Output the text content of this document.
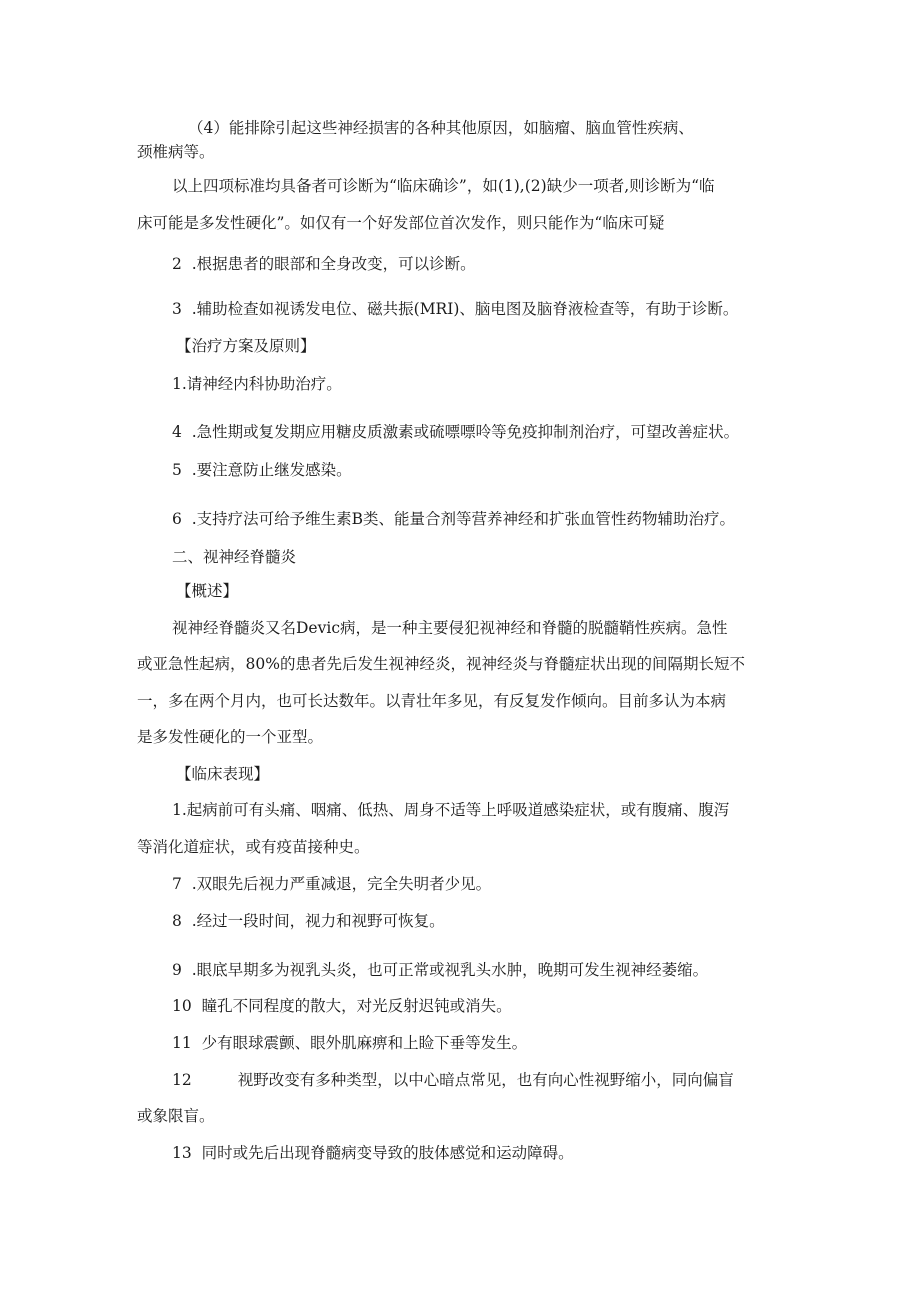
（4）能排除引起这些神经损害的各种其他原因，如脑瘤、脑血管性疾病、
颈椎病等。
以上四项标准均具备者可诊断为“临床确诊”，如(1),(2)缺少一项者,则诊断为“临
床可能是多发性硬化”。如仅有一个好发部位首次发作，则只能作为“临床可疑
2  .根据患者的眼部和全身改变，可以诊断。
3  .辅助检查如视诱发电位、磁共振(MRI)、脑电图及脑脊液检查等，有助于诊断。
【治疗方案及原则】
1.请神经内科协助治疗。
4  .急性期或复发期应用糖皮质激素或硫嘌嘌呤等免疫抑制剂治疗，可望改善症状。
5  .要注意防止继发感染。
6  .支持疗法可给予维生素B类、能量合剂等营养神经和扩张血管性药物辅助治疗。
二、视神经脊髓炎
【概述】
视神经脊髓炎又名Devic病，是一种主要侵犯视神经和脊髓的脱髓鞘性疾病。急性
或亚急性起病，80%的患者先后发生视神经炎，视神经炎与脊髓症状出现的间隔期长短不
一，多在两个月内，也可长达数年。以青壮年多见，有反复发作倾向。目前多认为本病
是多发性硬化的一个亚型。
【临床表现】
1.起病前可有头痛、咽痛、低热、周身不适等上呼吸道感染症状，或有腹痛、腹泻
等消化道症状，或有疫苗接种史。
7  .双眼先后视力严重减退，完全失明者少见。
8  .经过一段时间，视力和视野可恢复。
9  .眼底早期多为视乳头炎，也可正常或视乳头水肿，晚期可发生视神经萎缩。
10  瞳孔不同程度的散大，对光反射迟钝或消失。
11  少有眼球震颤、眼外肌麻痹和上睑下垂等发生。
12	视野改变有多种类型，以中心暗点常见，也有向心性视野缩小，同向偏盲
或象限盲。
13  同时或先后出现脊髓病变导致的肢体感觉和运动障碍。
